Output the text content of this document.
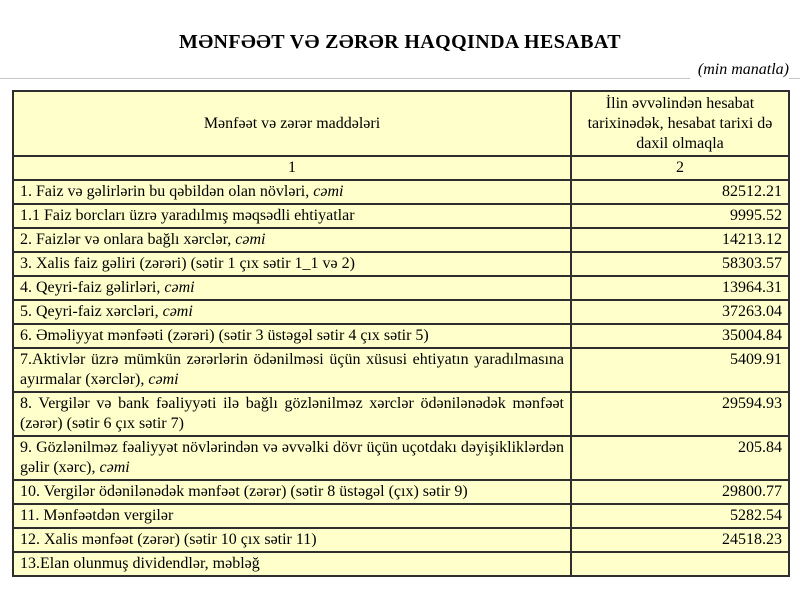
MƏNFƏƏT VƏ ZƏRƏR HAQQINDA HESABAT
(min manatla)
Mənfəət və zərər maddələri	İlin əvvəlindən hesabat tarixinədək, hesabat tarixi də daxil olmaqla
1	2
1. Faiz və gəlirlərin bu qəbildən olan növləri, cəmi	82512.21
1.1 Faiz borcları üzrə yaradılmış məqsədli ehtiyatlar	9995.52
2. Faizlər və onlara bağlı xərclər, cəmi	14213.12
3. Xalis faiz gəliri (zərəri) (sətir 1 çıx sətir 1_1 və 2)	58303.57
4. Qeyri-faiz gəlirləri, cəmi	13964.31
5. Qeyri-faiz xərcləri, cəmi	37263.04
6. Əməliyyat mənfəəti (zərəri) (sətir 3 üstəgəl sətir 4 çıx sətir 5)	35004.84
7.Aktivlər üzrə mümkün zərərlərin ödənilməsi üçün xüsusi ehtiyatın yaradılmasına ayırmalar (xərclər), cəmi	5409.91
8. Vergilər və bank fəaliyyəti ilə bağlı gözlənilməz xərclər ödənilənədək mənfəət (zərər) (sətir 6 çıx sətir 7)	29594.93
9. Gözlənilməz fəaliyyət növlərindən və əvvəlki dövr üçün uçotdakı dəyişikliklərdən gəlir (xərc), cəmi	205.84
10. Vergilər ödənilənədək mənfəət (zərər) (sətir 8 üstəgəl (çıx) sətir 9)	29800.77
11. Mənfəətdən vergilər	5282.54
12. Xalis mənfəət (zərər) (sətir 10 çıx sətir 11)	24518.23
13.Elan olunmuş dividendlər, məbləğ	
